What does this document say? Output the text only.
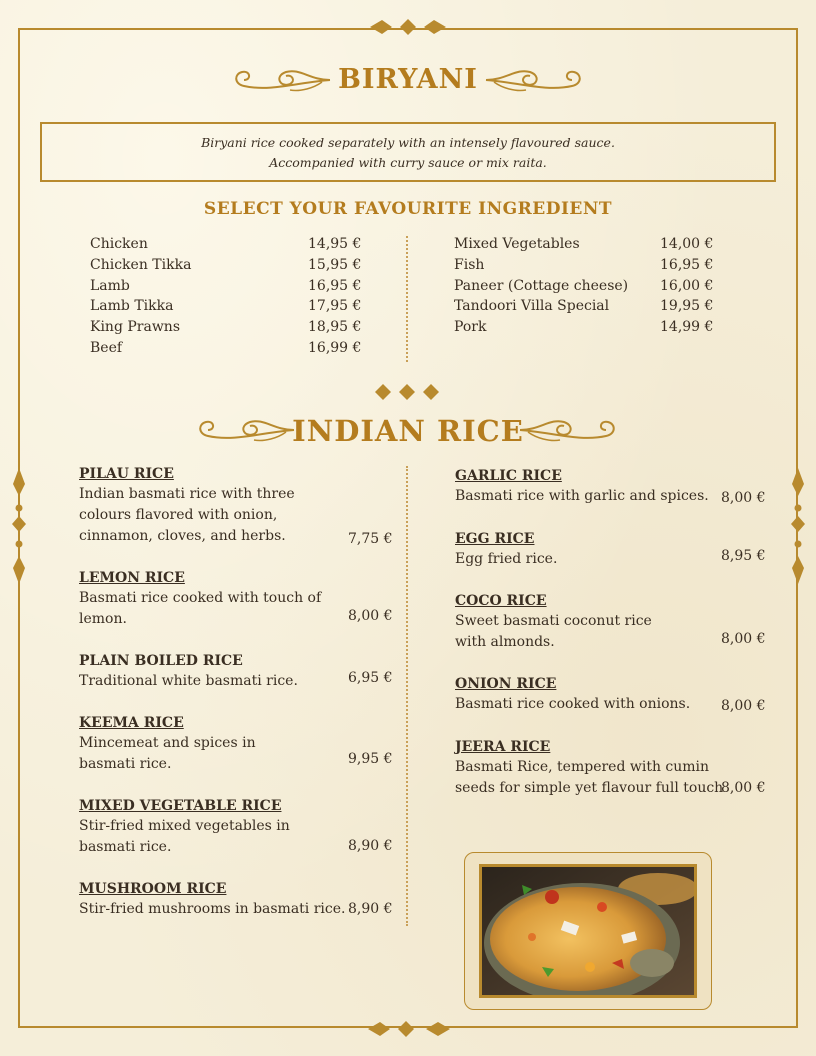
BIRYANI
Biryani rice cooked separately with an intensely flavoured sauce.
Accompanied with curry sauce or mix raita.
SELECT YOUR FAVOURITE INGREDIENT
Chicken	14,95 €
Chicken Tikka	15,95 €
Lamb	16,95 €
Lamb Tikka	17,95 €
King Prawns	18,95 €
Beef	16,99 €
Mixed Vegetables	14,00 €
Fish	16,95 €
Paneer (Cottage cheese)	16,00 €
Tandoori Villa Special	19,95 €
Pork	14,99 €
INDIAN RICE
PILAU RICE
Indian basmati rice with three
colours flavored with onion,
cinnamon, cloves, and herbs.	7,75 €
LEMON RICE
Basmati rice cooked with touch of
lemon.	8,00 €
PLAIN BOILED RICE
Traditional white basmati rice.	6,95 €
KEEMA RICE
Mincemeat and spices in
basmati rice.	9,95 €
MIXED VEGETABLE RICE
Stir-fried mixed vegetables in
basmati rice.	8,90 €
MUSHROOM RICE
Stir-fried mushrooms in basmati rice. 8,90 €
GARLIC RICE
Basmati rice with garlic and spices. 8,00 €
EGG RICE
Egg fried rice.	8,95 €
COCO RICE
Sweet basmati coconut rice
with almonds.	8,00 €
ONION RICE
Basmati rice cooked with onions.	8,00 €
JEERA RICE
Basmati Rice, tempered with cumin
seeds for simple yet flavour full touch
8,00 €
